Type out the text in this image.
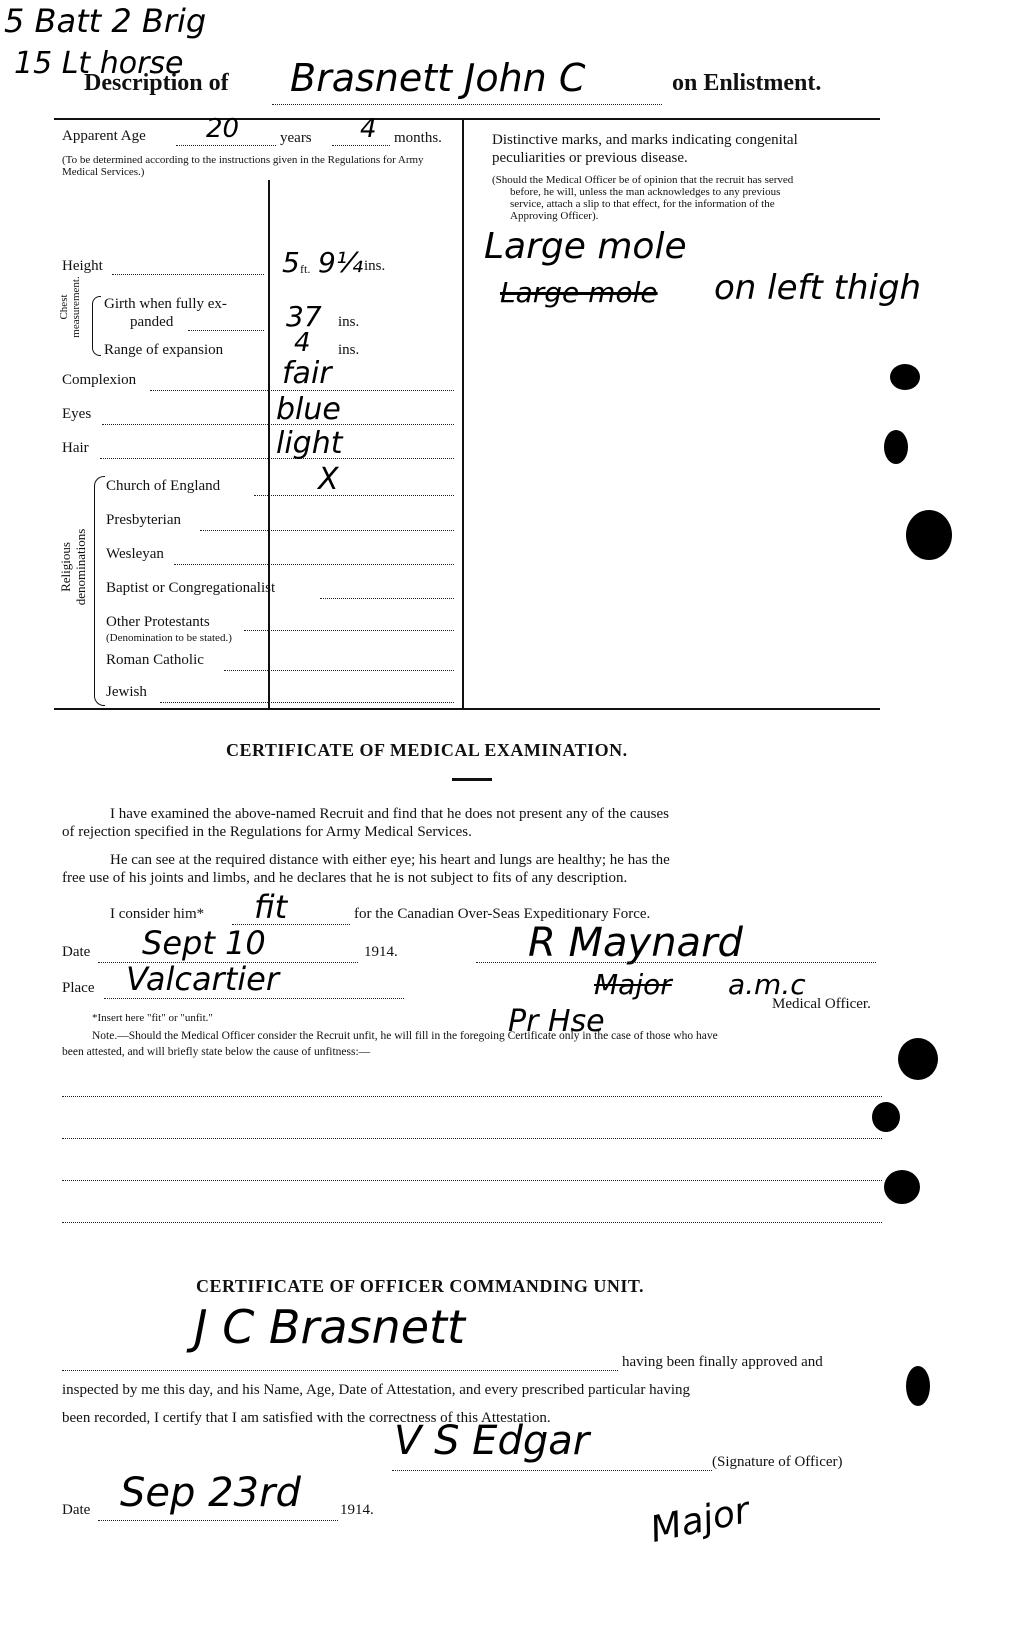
5 Batt 2 Brig
15 Lt horse
Description of Brasnett John C	on Enlistment.
Apparent Age 20	years 4 months.
(To be determined according to the instructions given in the Regulations for Army Medical Services.)
Height	5 ft. 9¼ ins.
Chest measurement. Girth when fully ex-
panded	37 ins.
Range of expansion	4 ins.
Complexion	fair
Eyes	blue
Hair	light
Religious denominations
Church of England	X
Presbyterian
Wesleyan
Baptist or Congregationalist
Other Protestants
(Denomination to be stated.)
Roman Catholic
Jewish
Distinctive marks, and marks indicating congenital
peculiarities or previous disease.
(Should the Medical Officer be of opinion that the recruit has served
before, he will, unless the man acknowledges to any previous
service, attach a slip to that effect, for the information of the
Approving Officer).
Large mole
Large mole on left thigh
CERTIFICATE OF MEDICAL EXAMINATION.
I have examined the above-named Recruit and find that he does not present any of the causes
of rejection specified in the Regulations for Army Medical Services.
He can see at the required distance with either eye; his heart and lungs are healthy; he has the
free use of his joints and limbs, and he declares that he is not subject to fits of any description.
I consider him* fit	for the Canadian Over-Seas Expeditionary Force.
Date Sept 10	1914.
Place Valcartier
R Maynard
Major a.m.c
Pr Hse	Medical Officer.
*Insert here "fit" or "unfit."
Note.—Should the Medical Officer consider the Recruit unfit, he will fill in the foregoing Certificate only in the case of those who have
been attested, and will briefly state below the cause of unfitness:—
CERTIFICATE OF OFFICER COMMANDING UNIT.
J C Brasnett
having been finally approved and
inspected by me this day, and his Name, Age, Date of Attestation, and every prescribed particular having
been recorded, I certify that I am satisfied with the correctness of this Attestation.
V S Edgar	(Signature of Officer)
Sep 23rd
Date	1914.	Major
